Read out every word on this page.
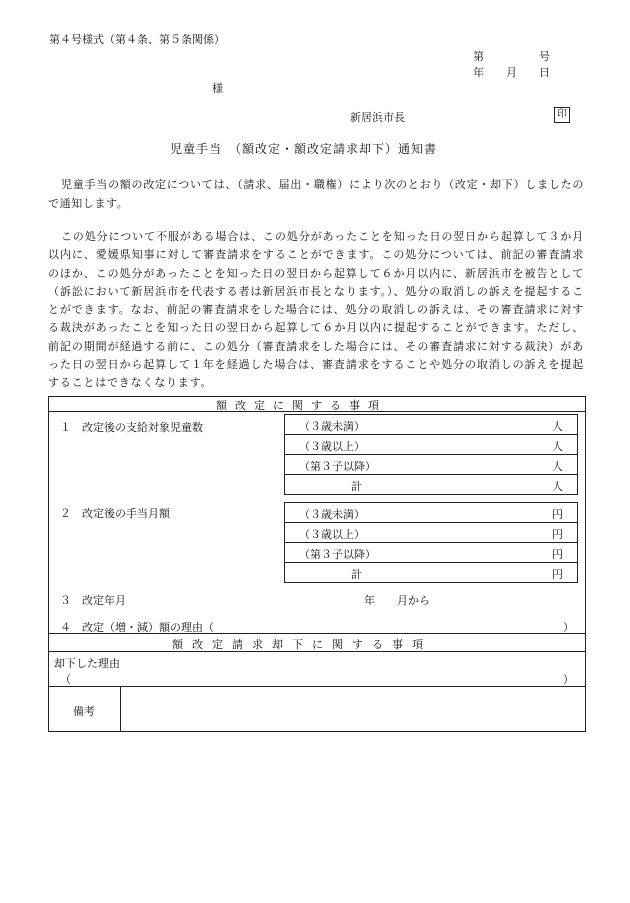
第４号様式（第４条、第５条関係）
第　　　　　号
年　　月　　日
様
新居浜市長	印
児童手当　（額改定・額改定請求却下）通知書
児童手当の額の改定については、（請求、届出・職権）により次のとおり（改定・却下）しましたので通知します。
この処分について不服がある場合は、この処分があったことを知った日の翌日から起算して３か月以内に、愛媛県知事に対して審査請求をすることができます。この処分については、前記の審査請求のほか、この処分があったことを知った日の翌日から起算して６か月以内に、新居浜市を被告として（訴訟において新居浜市を代表する者は新居浜市長となります。）、処分の取消しの訴えを提起することができます。なお、前記の審査請求をした場合には、処分の取消しの訴えは、その審査請求に対する裁決があったことを知った日の翌日から起算して６か月以内に提起することができます。ただし、前記の期間が経過する前に、この処分（審査請求をした場合には、その審査請求に対する裁決）があった日の翌日から起算して１年を経過した場合は、審査請求をすることや処分の取消しの訴えを提起することはできなくなります。
額改定に関する事項
１　改定後の支給対象児童数	（３歳未満）	人
（３歳以上）	人
（第３子以降）	人
計	人
２　改定後の手当月額	（３歳未満）	円
（３歳以上）	円
（第３子以降）	円
計	円
３　改定年月	年　　月から
４　改定（増・減）額の理由（	）
額改定請求却下に関する事項
却下した理由
（	）
備考
